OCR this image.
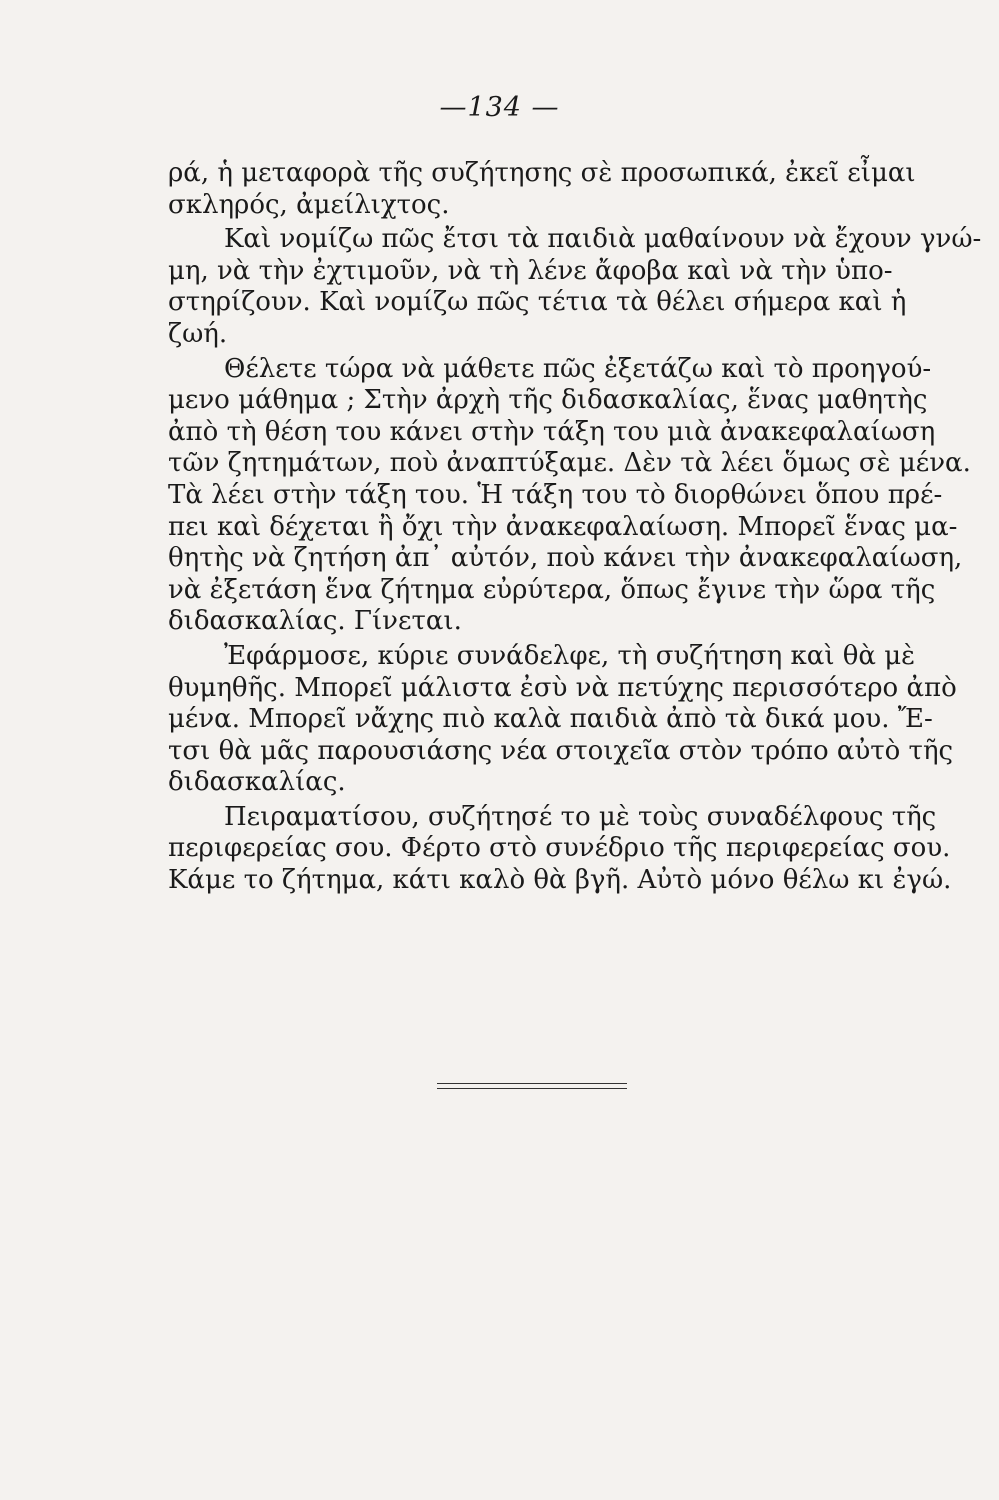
—134 —
ρά, ἡ μεταφορὰ τῆς συζήτησης σὲ προσωπικά, ἐκεῖ εἶμαι
σκληρός, ἀμείλιχτος.
Καὶ νομίζω πῶς ἔτσι τὰ παιδιὰ μαθαίνουν νὰ ἔχουν γνώ-
μη, νὰ τὴν ἐχτιμοῦν, νὰ τὴ λένε ἄφοβα καὶ νὰ τὴν ὑπο-
στηρίζουν. Καὶ νομίζω πῶς τέτια τὰ θέλει σήμερα καὶ ἡ
ζωή.
Θέλετε τώρα νὰ μάθετε πῶς ἐξετάζω καὶ τὸ προηγού-
μενο μάθημα ; Στὴν ἀρχὴ τῆς διδασκαλίας, ἕνας μαθητὴς
ἀπὸ τὴ θέση του κάνει στὴν τάξη του μιὰ ἀνακεφαλαίωση
τῶν ζητημάτων, ποὺ ἀναπτύξαμε. Δὲν τὰ λέει ὅμως σὲ μένα.
Τὰ λέει στὴν τάξη του. Ἡ τάξη του τὸ διορθώνει ὅπου πρέ-
πει καὶ δέχεται ἢ ὄχι τὴν ἀνακεφαλαίωση. Μπορεῖ ἕνας μα-
θητὴς νὰ ζητήση ἀπ᾽ αὐτόν, ποὺ κάνει τὴν ἀνακεφαλαίωση,
νὰ ἐξετάση ἕνα ζήτημα εὐρύτερα, ὅπως ἔγινε τὴν ὥρα τῆς
διδασκαλίας. Γίνεται.
Ἐφάρμοσε, κύριε συνάδελφε, τὴ συζήτηση καὶ θὰ μὲ
θυμηθῆς. Μπορεῖ μάλιστα ἐσὺ νὰ πετύχης περισσότερο ἀπὸ
μένα. Μπορεῖ νἄχης πιὸ καλὰ παιδιὰ ἀπὸ τὰ δικά μου. Ἔ-
τσι θὰ μᾶς παρουσιάσης νέα στοιχεῖα στὸν τρόπο αὐτὸ τῆς
διδασκαλίας.
Πειραματίσου, συζήτησέ το μὲ τοὺς συναδέλφους τῆς
περιφερείας σου. Φέρτο στὸ συνέδριο τῆς περιφερείας σου.
Κάμε το ζήτημα, κάτι καλὸ θὰ βγῆ. Αὐτὸ μόνο θέλω κι ἐγώ.
